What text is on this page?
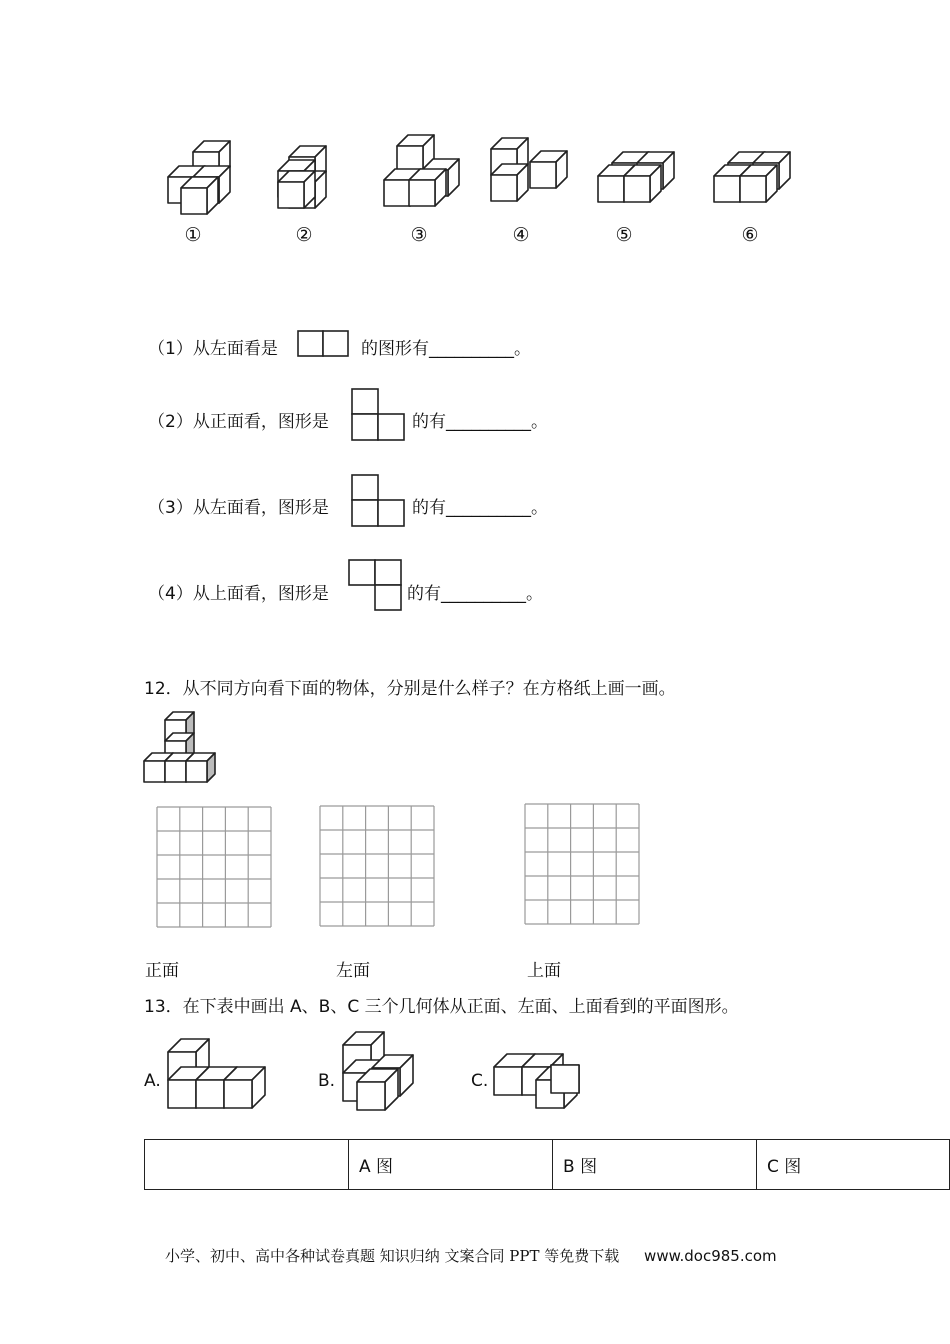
①	②	③	④	⑤	⑥
（1）从左面看是	的图形有__________。
（2）从正面看，图形是	的有__________。
（3）从左面看，图形是	的有__________。
（4）从上面看，图形是	的有__________。
12．从不同方向看下面的物体，分别是什么样子？在方格纸上画一画。
正面	左面	上面
13．在下表中画出 A、B、C 三个几何体从正面、左面、上面看到的平面图形。
A.	B.	C.
	A 图	B 图	C 图
小学、初中、高中各种试卷真题 知识归纳 文案合同 PPT 等免费下载 www.doc985.com
